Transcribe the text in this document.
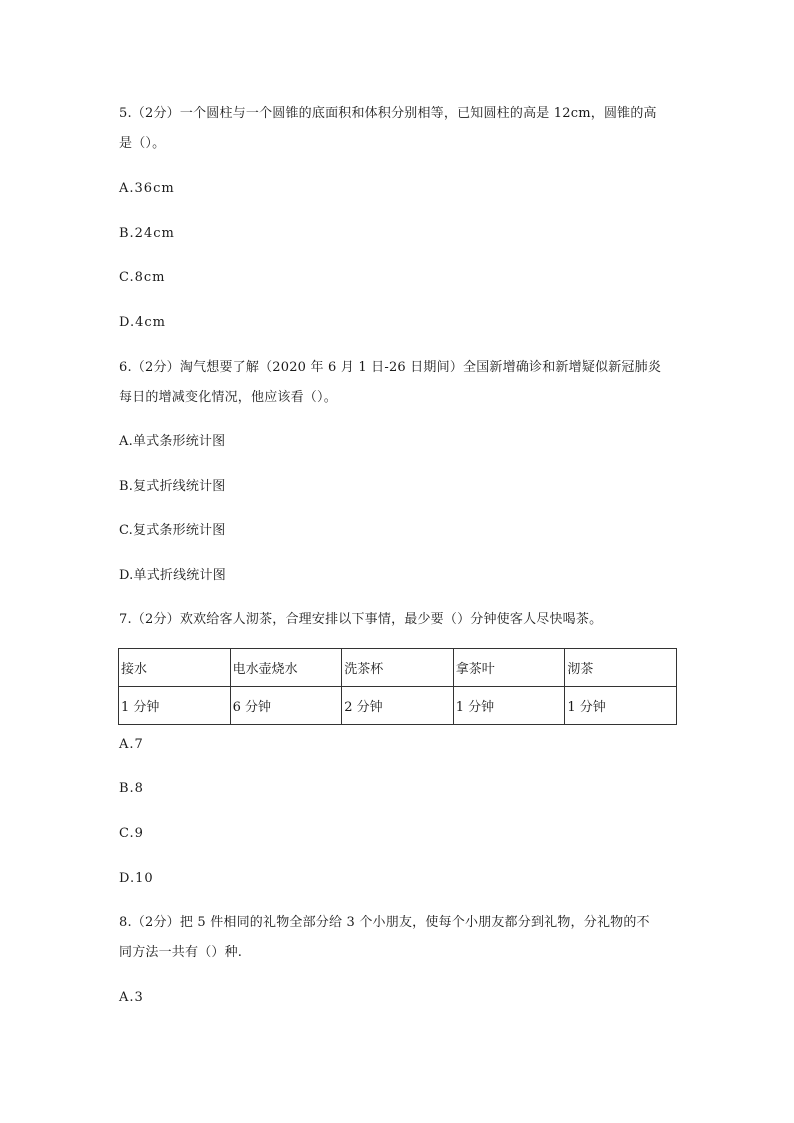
5.（2分）一个圆柱与一个圆锥的底面积和体积分别相等，已知圆柱的高是 12cm，圆锥的高
是（）。
A.36cm
B.24cm
C.8cm
D.4cm
6.（2分）淘气想要了解（2020 年 6 月 1 日-26 日期间）全国新增确诊和新增疑似新冠肺炎
每日的增减变化情况，他应该看（）。
A.单式条形统计图
B.复式折线统计图
C.复式条形统计图
D.单式折线统计图
7.（2分）欢欢给客人沏茶，合理安排以下事情，最少要（）分钟使客人尽快喝茶。
接水	电水壶烧水	洗茶杯	拿茶叶	沏茶
1 分钟	6 分钟	2 分钟	1 分钟	1 分钟
A.7
B.8
C.9
D.10
8.（2分）把 5 件相同的礼物全部分给 3 个小朋友，使每个小朋友都分到礼物，分礼物的不
同方法一共有（）种.
A.3
